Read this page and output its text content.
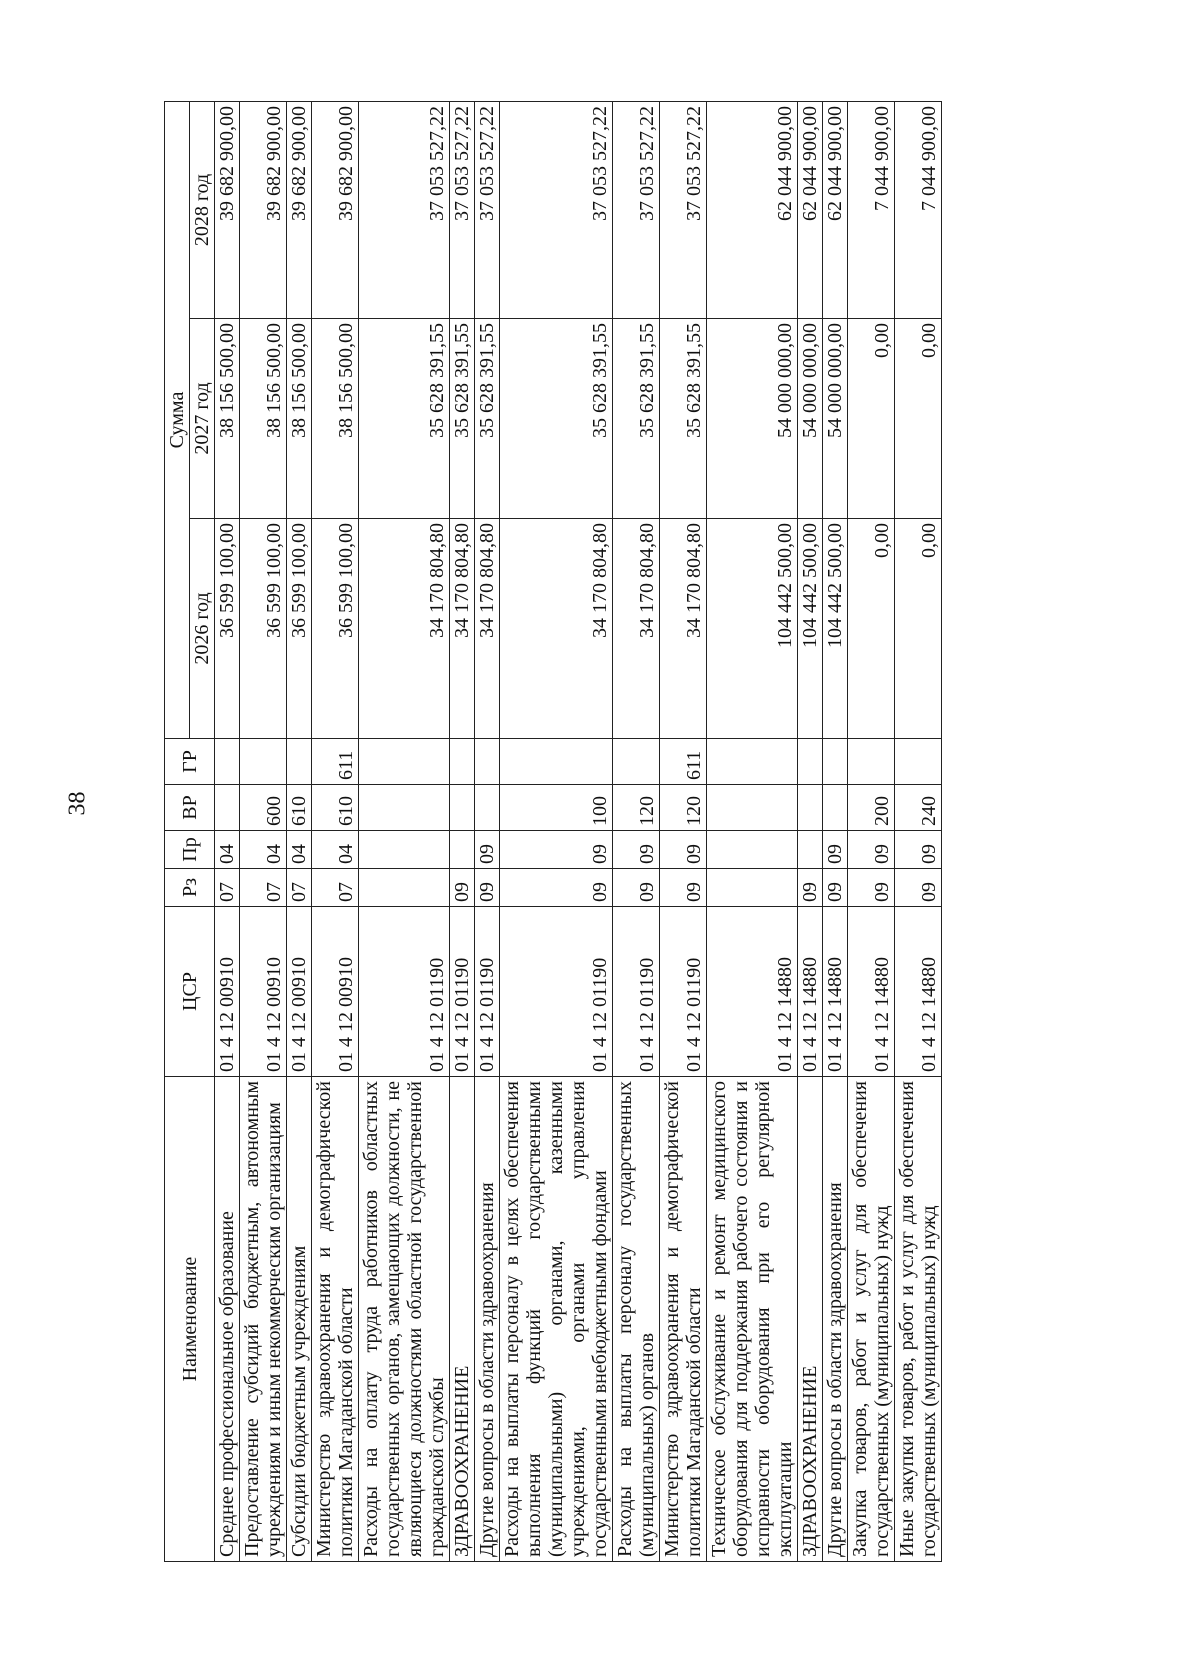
38
Наименование	ЦСР	Рз	Пр	ВР	ГР	Сумма		
						2026 год	2027 год	2028 год
Среднее профессиональное образование	01 4 12 00910	07	04			36 599 100,00	38 156 500,00	39 682 900,00
Предоставление субсидий бюджетным, автономным учреждениям и иным некоммерческим организациям	01 4 12 00910	07	04	600		36 599 100,00	38 156 500,00	39 682 900,00
Субсидии бюджетным учреждениям	01 4 12 00910	07	04	610		36 599 100,00	38 156 500,00	39 682 900,00
Министерство здравоохранения и демографической политики Магаданской области	01 4 12 00910	07	04	610	611	36 599 100,00	38 156 500,00	39 682 900,00
Расходы на оплату труда работников областных государственных органов, замещающих должности, не являющиеся должностями областной государственной гражданской службы	01 4 12 01190					34 170 804,80	35 628 391,55	37 053 527,22
ЗДРАВООХРАНЕНИЕ	01 4 12 01190	09				34 170 804,80	35 628 391,55	37 053 527,22
Другие вопросы в области здравоохранения	01 4 12 01190	09	09			34 170 804,80	35 628 391,55	37 053 527,22
Расходы на выплаты персоналу в целях обеспечения выполнения функций государственными (муниципальными) органами, казенными учреждениями, органами управления государственными внебюджетными фондами	01 4 12 01190	09	09	100		34 170 804,80	35 628 391,55	37 053 527,22
Расходы на выплаты персоналу государственных (муниципальных) органов	01 4 12 01190	09	09	120		34 170 804,80	35 628 391,55	37 053 527,22
Министерство здравоохранения и демографической политики Магаданской области	01 4 12 01190	09	09	120	611	34 170 804,80	35 628 391,55	37 053 527,22
Техническое обслуживание и ремонт медицинского оборудования для поддержания рабочего состояния и исправности оборудования при его регулярной эксплуатации	01 4 12 14880					104 442 500,00	54 000 000,00	62 044 900,00
ЗДРАВООХРАНЕНИЕ	01 4 12 14880	09				104 442 500,00	54 000 000,00	62 044 900,00
Другие вопросы в области здравоохранения	01 4 12 14880	09	09			104 442 500,00	54 000 000,00	62 044 900,00
Закупка товаров, работ и услуг для обеспечения государственных (муниципальных) нужд	01 4 12 14880	09	09	200		0,00	0,00	7 044 900,00
Иные закупки товаров, работ и услуг для обеспечения государственных (муниципальных) нужд	01 4 12 14880	09	09	240		0,00	0,00	7 044 900,00
